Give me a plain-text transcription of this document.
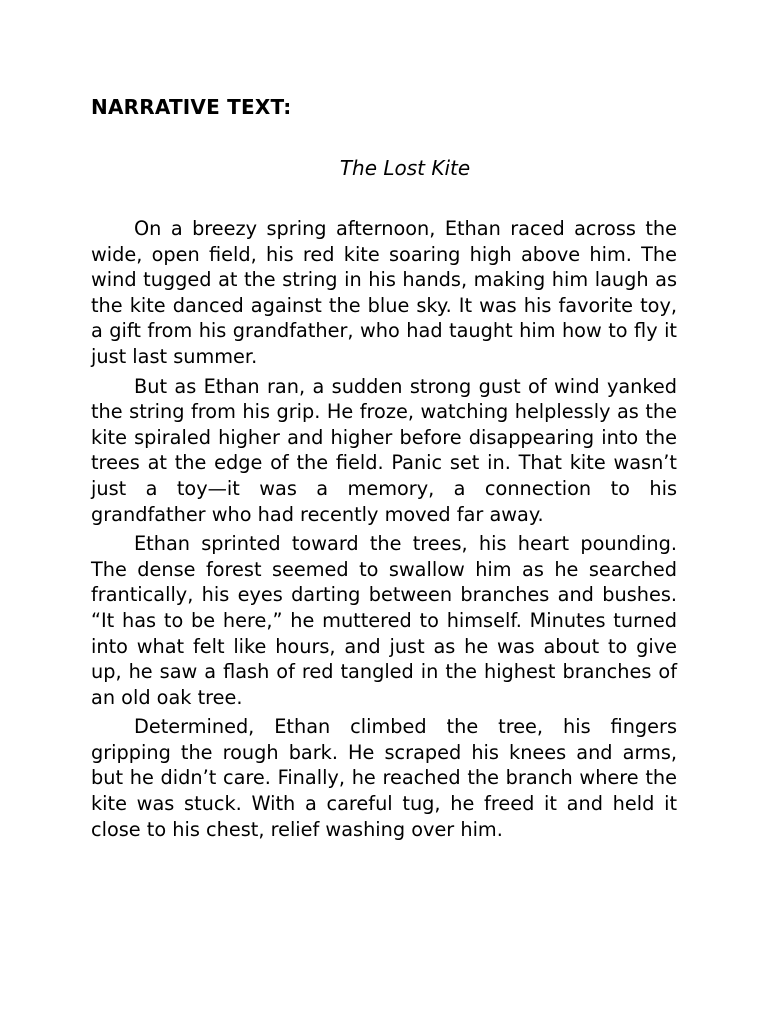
NARRATIVE TEXT:
The Lost Kite

On a breezy spring afternoon, Ethan raced across the wide, open field, his red kite soaring high above him. The wind tugged at the string in his hands, making him laugh as the kite danced against the blue sky. It was his favorite toy, a gift from his grandfather, who had taught him how to fly it just last summer.

But as Ethan ran, a sudden strong gust of wind yanked the string from his grip. He froze, watching helplessly as the kite spiraled higher and higher before disappearing into the trees at the edge of the field. Panic set in. That kite wasn’t just a toy—it was a memory, a connection to his grandfather who had recently moved far away.

Ethan sprinted toward the trees, his heart pounding. The dense forest seemed to swallow him as he searched frantically, his eyes darting between branches and bushes. “It has to be here,” he muttered to himself. Minutes turned into what felt like hours, and just as he was about to give up, he saw a flash of red tangled in the highest branches of an old oak tree.

Determined, Ethan climbed the tree, his fingers gripping the rough bark. He scraped his knees and arms, but he didn’t care. Finally, he reached the branch where the kite was stuck. With a careful tug, he freed it and held it close to his chest, relief washing over him.
